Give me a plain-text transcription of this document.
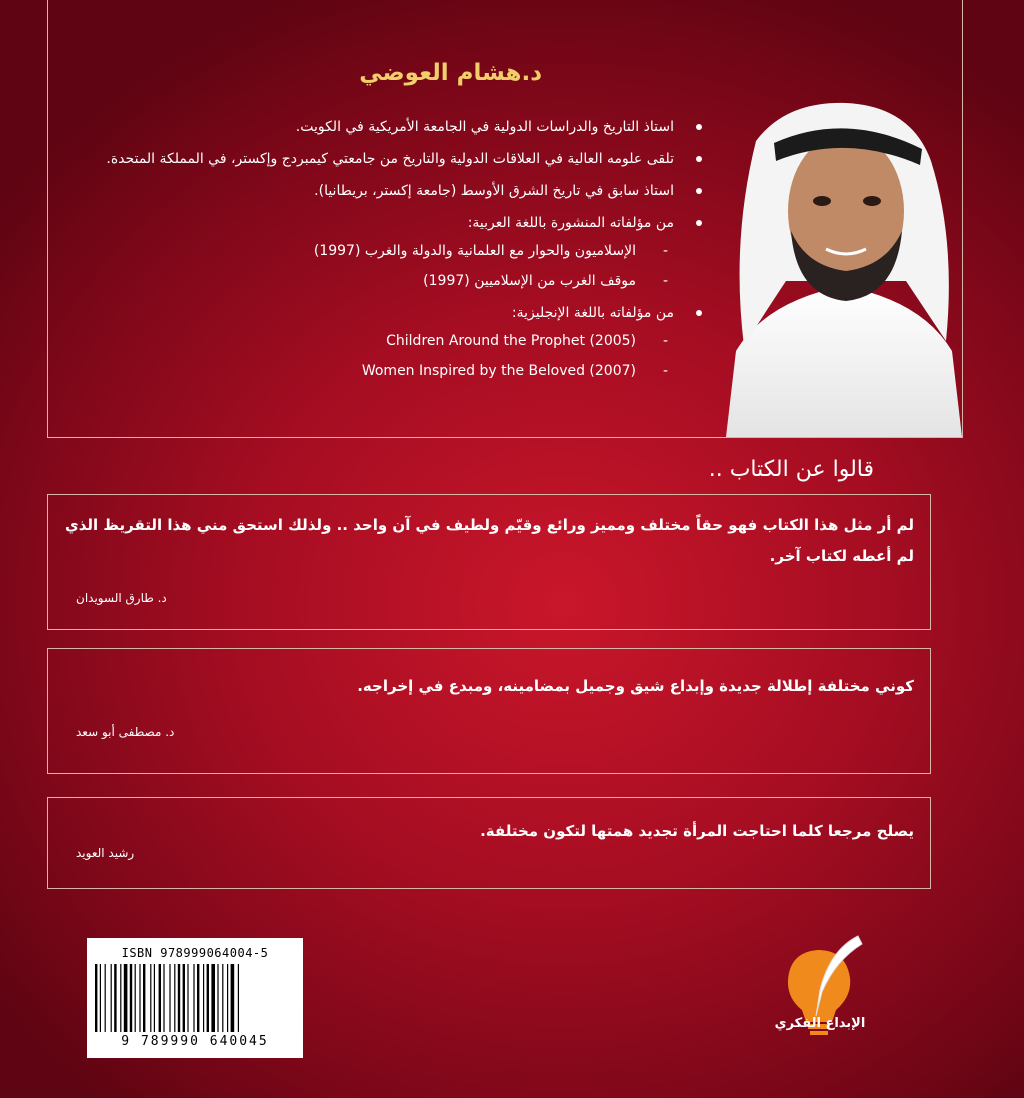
د.هشام العوضي
استاذ التاريخ والدراسات الدولية في الجامعة الأمريكية في الكويت.
تلقى علومه العالية في العلاقات الدولية والتاريخ من جامعتي كيمبردج وإكستر، في المملكة المتحدة.
استاذ سابق في تاريخ الشرق الأوسط (جامعة إكستر، بريطانيا).
من مؤلفاته المنشورة باللغة العربية:
-
الإسلاميون والحوار مع العلمانية والدولة والغرب (1997)
-
موقف الغرب من الإسلاميين (1997)
من مؤلفاته باللغة الإنجليزية:
-
Children Around the Prophet (2005)
-
Women Inspired by the Beloved (2007)
قالوا عن الكتاب ..

لم أر مثل هذا الكتاب فهو حقاً مختلف ومميز ورائع وقيّم ولطيف في آن واحد .. ولذلك استحق مني هذا التقريظ الذي لم أعطه لكتاب آخر.

د. طارق السويدان

كوني مختلفة إطلالة جديدة وإبداع شيق وجميل بمضامينه، ومبدع في إخراجه.

د. مصطفى أبو سعد

يصلح مرجعا كلما احتاجت المرأة تجديد همتها لتكون مختلفة.

رشيد العويد

ISBN 978999064004-5

9 789990 640045

الإبداع الفكري
